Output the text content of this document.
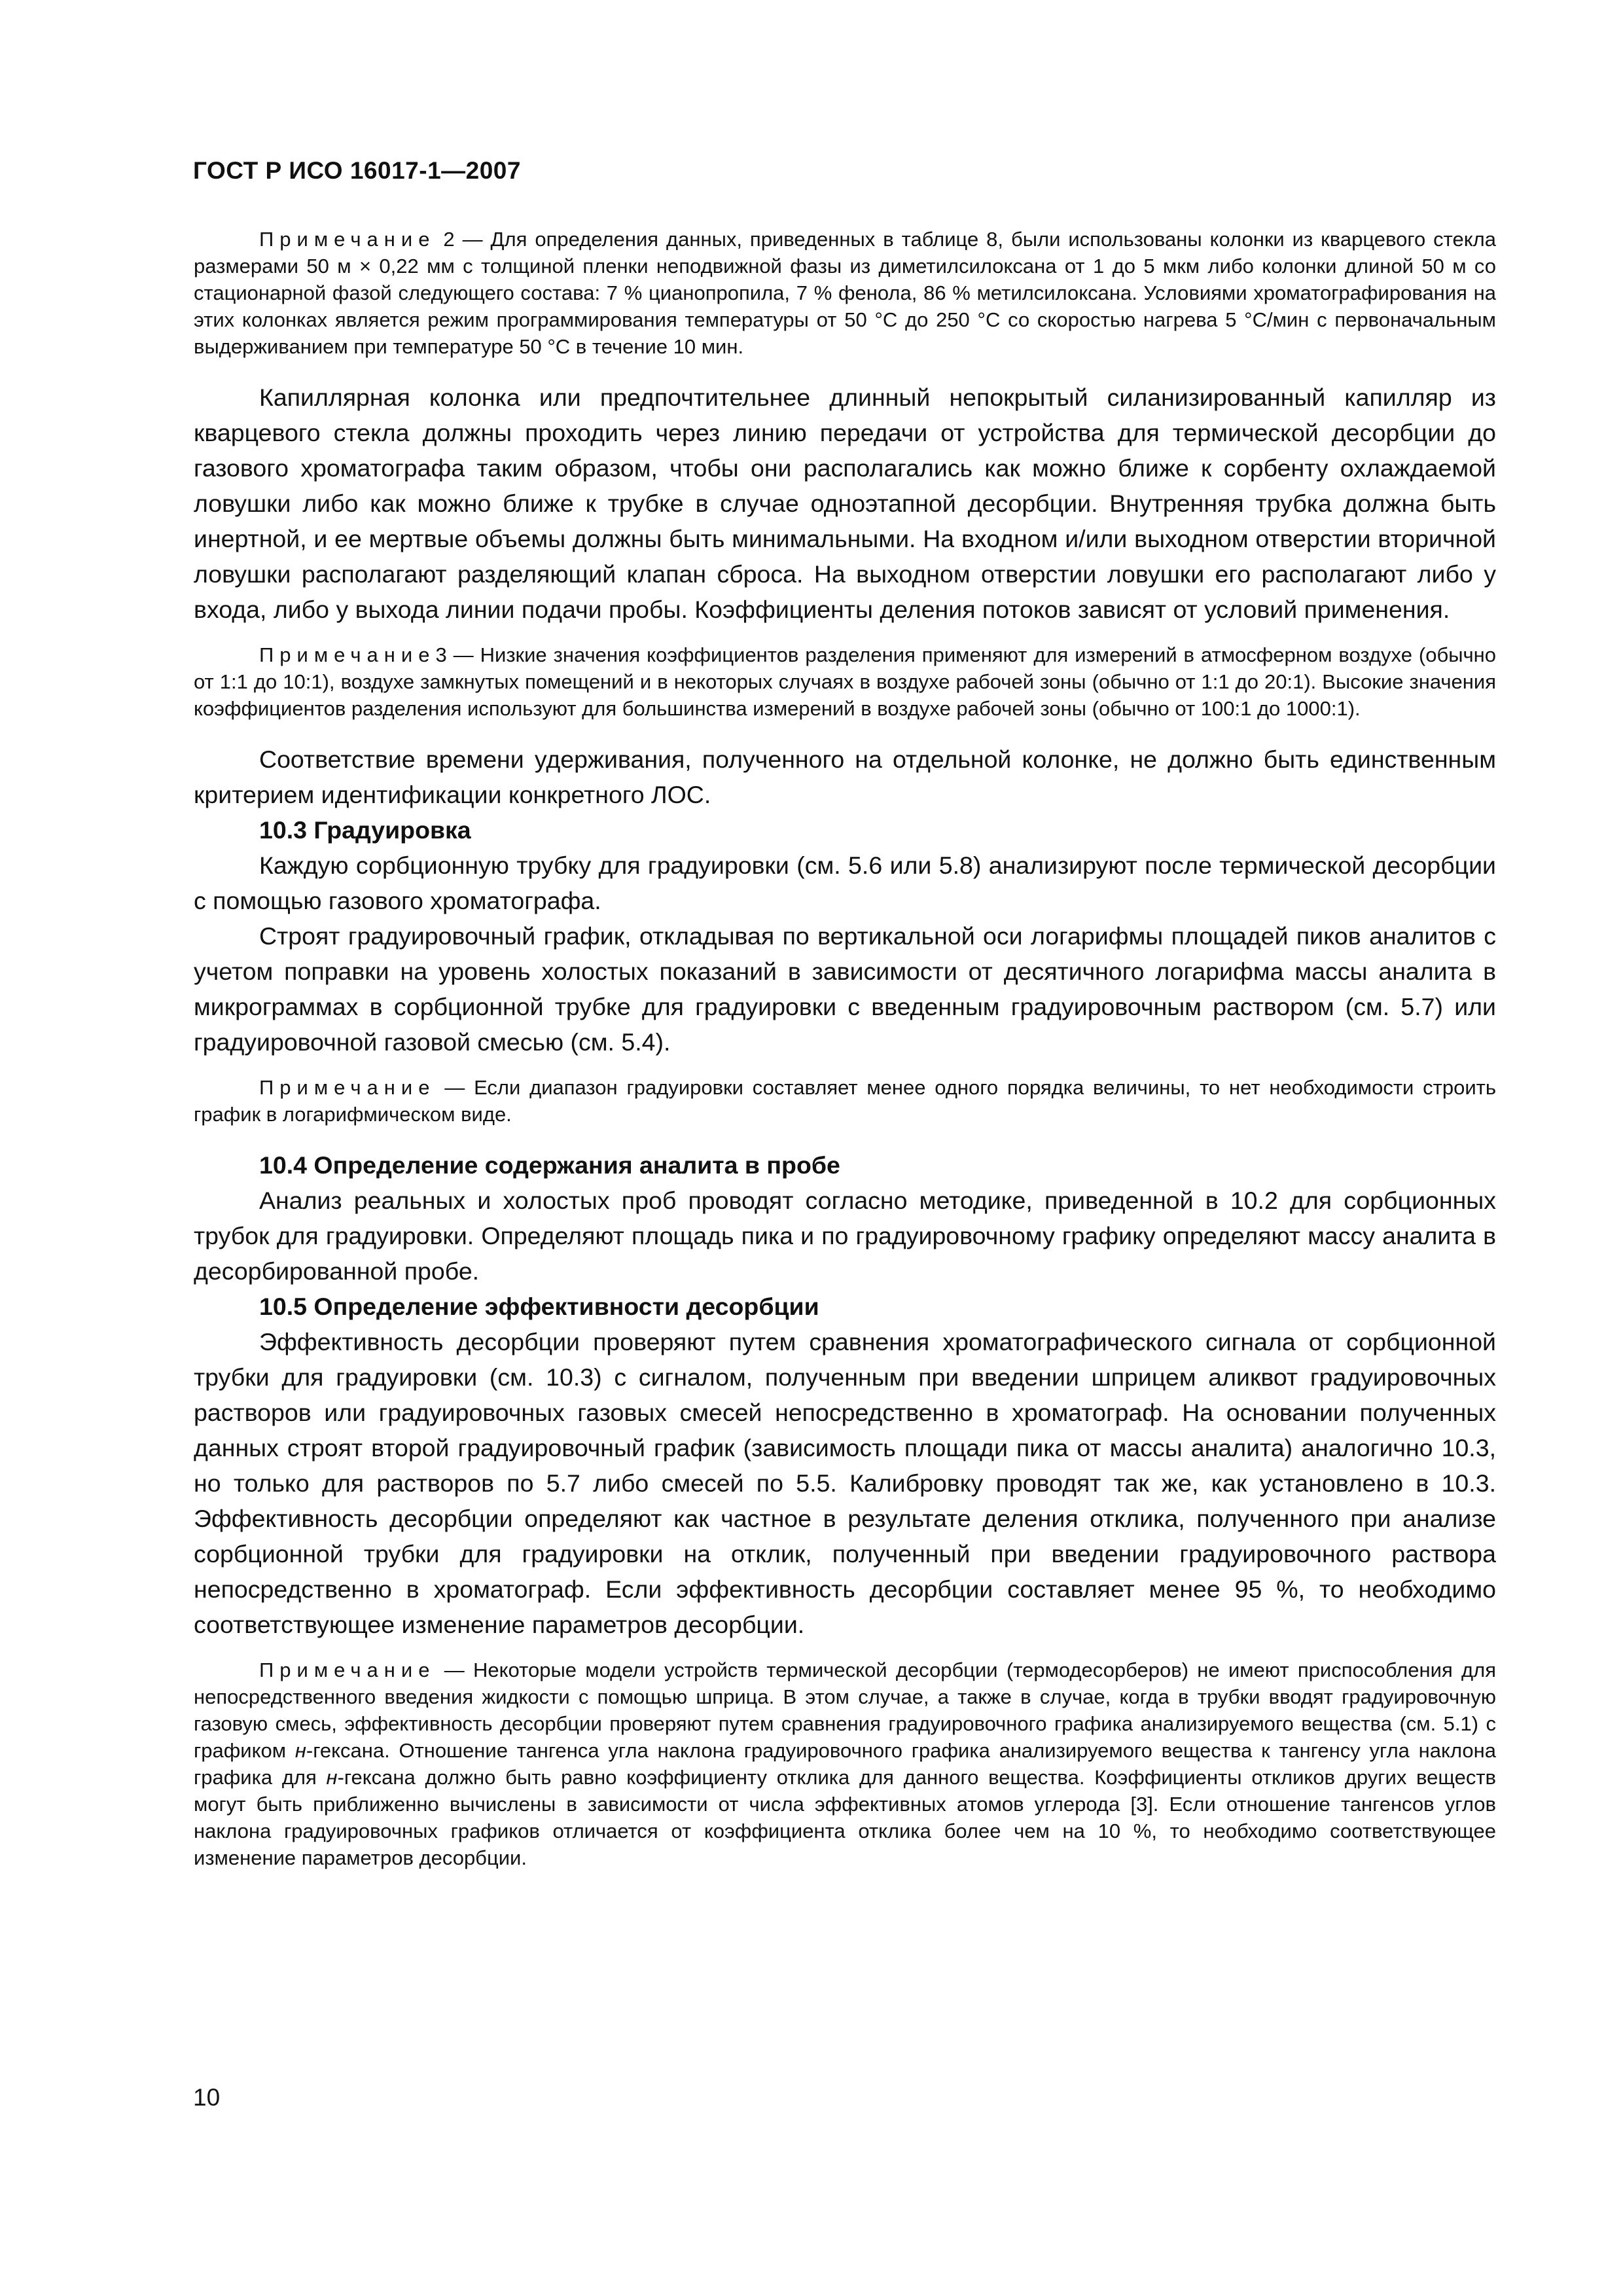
ГОСТ Р ИСО 16017-1—2007

Примечание 2 — Для определения данных, приведенных в таблице 8, были использованы колонки из кварцевого стекла размерами 50 м × 0,22 мм с толщиной пленки неподвижной фазы из диметилсилоксана от 1 до 5 мкм либо колонки длиной 50 м со стационарной фазой следующего состава: 7 % цианопропила, 7 % фенола, 86 % метилсилоксана. Условиями хроматографирования на этих колонках является режим программирования температуры от 50 °С до 250 °С со скоростью нагрева 5 °С/мин с первоначальным выдерживанием при температуре 50 °С в течение 10 мин.

Капиллярная колонка или предпочтительнее длинный непокрытый силанизированный капилляр из кварцевого стекла должны проходить через линию передачи от устройства для термической десорбции до газового хроматографа таким образом, чтобы они располагались как можно ближе к сорбенту охлаждаемой ловушки либо как можно ближе к трубке в случае одноэтапной десорбции. Внутренняя трубка должна быть инертной, и ее мертвые объемы должны быть минимальными. На входном и/или выходном отверстии вторичной ловушки располагают разделяющий клапан сброса. На выходном отверстии ловушки его располагают либо у входа, либо у выхода линии подачи пробы. Коэффициенты деления потоков зависят от условий применения.

Примечание3 — Низкие значения коэффициентов разделения применяют для измерений в атмосферном воздухе (обычно от 1:1 до 10:1), воздухе замкнутых помещений и в некоторых случаях в воздухе рабочей зоны (обычно от 1:1 до 20:1). Высокие значения коэффициентов разделения используют для большинства измерений в воздухе рабочей зоны (обычно от 100:1 до 1000:1).

Соответствие времени удерживания, полученного на отдельной колонке, не должно быть единственным критерием идентификации конкретного ЛОС.

10.3 Градуировка

Каждую сорбционную трубку для градуировки (см. 5.6 или 5.8) анализируют после термической десорбции с помощью газового хроматографа.

Строят градуировочный график, откладывая по вертикальной оси логарифмы площадей пиков аналитов с учетом поправки на уровень холостых показаний в зависимости от десятичного логарифма массы аналита в микрограммах в сорбционной трубке для градуировки с введенным градуировочным раствором (см. 5.7) или градуировочной газовой смесью (см. 5.4).

Примечание — Если диапазон градуировки составляет менее одного порядка величины, то нет необходимости строить график в логарифмическом виде.

10.4 Определение содержания аналита в пробе

Анализ реальных и холостых проб проводят согласно методике, приведенной в 10.2 для сорбционных трубок для градуировки. Определяют площадь пика и по градуировочному графику определяют массу аналита в десорбированной пробе.

10.5 Определение эффективности десорбции

Эффективность десорбции проверяют путем сравнения хроматографического сигнала от сорбционной трубки для градуировки (см. 10.3) с сигналом, полученным при введении шприцем аликвот градуировочных растворов или градуировочных газовых смесей непосредственно в хроматограф. На основании полученных данных строят второй градуировочный график (зависимость площади пика от массы аналита) аналогично 10.3, но только для растворов по 5.7 либо смесей по 5.5. Калибровку проводят так же, как установлено в 10.3. Эффективность десорбции определяют как частное в результате деления отклика, полученного при анализе сорбционной трубки для градуировки на отклик, полученный при введении градуировочного раствора непосредственно в хроматограф. Если эффективность десорбции составляет менее 95 %, то необходимо соответствующее изменение параметров десорбции.

Примечание — Некоторые модели устройств термической десорбции (термодесорберов) не имеют приспособления для непосредственного введения жидкости с помощью шприца. В этом случае, а также в случае, когда в трубки вводят градуировочную газовую смесь, эффективность десорбции проверяют путем сравнения градуировочного графика анализируемого вещества (см. 5.1) с графиком н-гексана. Отношение тангенса угла наклона градуировочного графика анализируемого вещества к тангенсу угла наклона графика для н-гексана должно быть равно коэффициенту отклика для данного вещества. Коэффициенты откликов других веществ могут быть приближенно вычислены в зависимости от числа эффективных атомов углерода [3]. Если отношение тангенсов углов наклона градуировочных графиков отличается от коэффициента отклика более чем на 10 %, то необходимо соответствующее изменение параметров десорбции.

10
